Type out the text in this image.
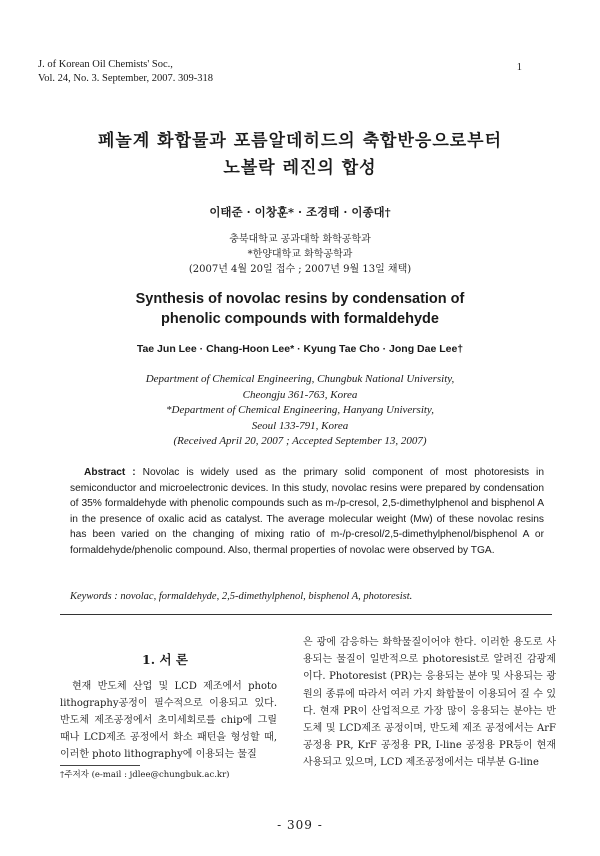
J. of Korean Oil Chemists' Soc.,
Vol. 24, No. 3. September, 2007. 309-318
1
페놀계 화합물과 포름알데히드의 축합반응으로부터
노볼락 레진의 합성
이태준 · 이창훈* · 조경태 · 이종대†
충북대학교 공과대학 화학공학과
*한양대학교 화학공학과
(2007년 4월 20일 접수 ; 2007년 9월 13일 채택)
Synthesis of novolac resins by condensation of
phenolic compounds with formaldehyde
Tae Jun Lee · Chang-Hoon Lee* · Kyung Tae Cho · Jong Dae Lee†
Department of Chemical Engineering, Chungbuk National University,
Cheongju 361-763, Korea
*Department of Chemical Engineering, Hanyang University,
Seoul 133-791, Korea
(Received April 20, 2007 ; Accepted September 13, 2007)
Abstract : Novolac is widely used as the primary solid component of most photoresists in semiconductor and microelectronic devices. In this study, novolac resins were prepared by condensation of 35% formaldehyde with phenolic compounds such as m-/p-cresol, 2,5-dimethylphenol and bisphenol A in the presence of oxalic acid as catalyst. The average molecular weight (Mw) of these novolac resins has been varied on the changing of mixing ratio of m-/p-cresol/2,5-dimethylphenol/bisphenol A or formaldehyde/phenolic compound. Also, thermal properties of novolac were observed by TGA.
Keywords : novolac, formaldehyde, 2,5-dimethylphenol, bisphenol A, photoresist.
1. 서 론

현재 반도체 산업 및 LCD 제조에서 photo lithography공정이 필수적으로 이용되고 있다. 반도체 제조공정에서 초미세회로를 chip에 그릴 때나 LCD제조 공정에서 화소 패턴을 형성할 때, 이러한 photo lithography에 이용되는 물질

은 광에 감응하는 화학물질이어야 한다. 이러한 용도로 사용되는 물질이 일반적으로 photoresist로 알려진 감광제이다. Photoresist (PR)는 응용되는 분야 및 사용되는 광원의 종류에 따라서 여러 가지 화합물이 이용되어 질 수 있다. 현재 PR이 산업적으로 가장 많이 응용되는 분야는 반도체 및 LCD제조 공정이며, 반도체 제조 공정에서는 ArF 공정용 PR, KrF 공정용 PR, I-line 공정용 PR등이 현재 사용되고 있으며, LCD 제조공정에서는 대부분 G-line

†주저자 (e-mail : jdlee@chungbuk.ac.kr)
- 309 -
